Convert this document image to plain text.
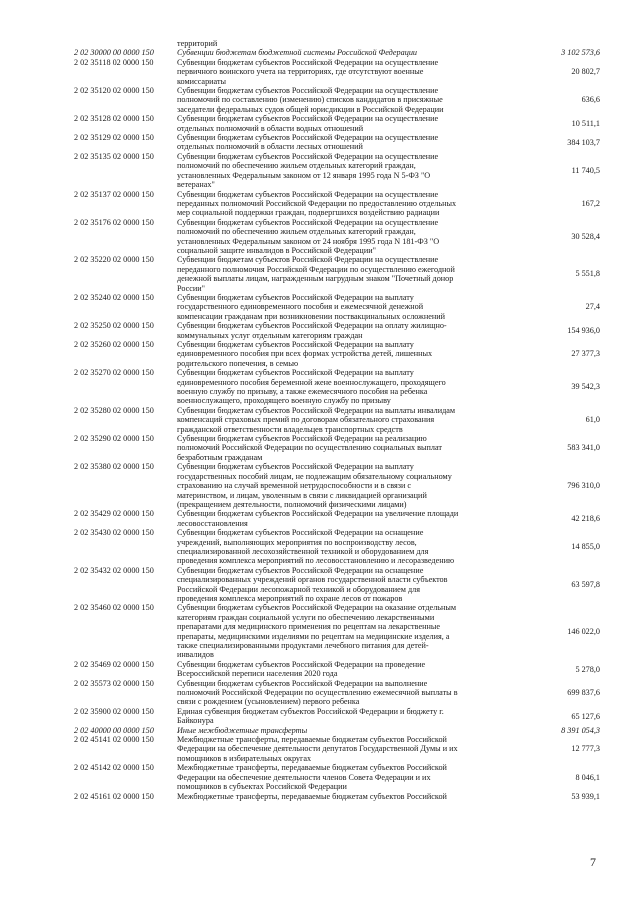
территорий
2 02 30000 00 0000 150	Субвенции бюджетам бюджетной системы Российской Федерации	3 102 573,6
2 02 35118 02 0000 150	Субвенции бюджетам субъектов Российской Федерации на осуществление
первичного воинского учета на территориях, где отсутствуют военные
комиссариаты
20 802,7
2 02 35120 02 0000 150	Субвенции бюджетам субъектов Российской Федерации на осуществление
полномочий по составлению (изменению) списков кандидатов в присяжные
заседатели федеральных судов общей юрисдикции в Российской Федерации
636,6
2 02 35128 02 0000 150	Субвенции бюджетам субъектов Российской Федерации на осуществление
отдельных полномочий в области водных отношений
10 511,1
2 02 35129 02 0000 150	Субвенции бюджетам субъектов Российской Федерации на осуществление
отдельных полномочий в области лесных отношений
384 103,7
2 02 35135 02 0000 150	Субвенции бюджетам субъектов Российской Федерации на осуществление
полномочий по обеспечению жильем отдельных категорий граждан,
установленных Федеральным законом от 12 января 1995 года N 5-ФЗ "О
ветеранах"
11 740,5
2 02 35137 02 0000 150	Субвенции бюджетам субъектов Российской Федерации на осуществление
переданных полномочий Российской Федерации по предоставлению отдельных
мер социальной поддержки граждан, подвергшихся воздействию радиации
167,2
2 02 35176 02 0000 150	Субвенции бюджетам субъектов Российской Федерации на осуществление
полномочий по обеспечению жильем отдельных категорий граждан,
установленных Федеральным законом от 24 ноября 1995 года N 181-ФЗ "О
социальной защите инвалидов в Российской Федерации"
30 528,4
2 02 35220 02 0000 150	Субвенции бюджетам субъектов Российской Федерации на осуществление
переданного полномочия Российской Федерации по осуществлению ежегодной
денежной выплаты лицам, награжденным нагрудным знаком "Почетный донор
России"
5 551,8
2 02 35240 02 0000 150	Субвенции бюджетам субъектов Российской Федерации на выплату
государственного единовременного пособия и ежемесячной денежной
компенсации гражданам при возникновении поствакцинальных осложнений
27,4
2 02 35250 02 0000 150	Субвенции бюджетам субъектов Российской Федерации на оплату жилищно-
коммунальных услуг отдельным категориям граждан
154 936,0
2 02 35260 02 0000 150	Субвенции бюджетам субъектов Российской Федерации на выплату
единовременного пособия при всех формах устройства детей, лишенных
родительского попечения, в семью
27 377,3
2 02 35270 02 0000 150	Субвенции бюджетам субъектов Российской Федерации на выплату
единовременного пособия беременной жене военнослужащего, проходящего
военную службу по призыву, а также ежемесячного пособия на ребенка
военнослужащего, проходящего военную службу по призыву
39 542,3
2 02 35280 02 0000 150	Субвенции бюджетам субъектов Российской Федерации на выплаты инвалидам
компенсаций страховых премий по договорам обязательного страхования
гражданской ответственности владельцев транспортных средств
61,0
2 02 35290 02 0000 150	Субвенции бюджетам субъектов Российской Федерации на реализацию
полномочий Российской Федерации по осуществлению социальных выплат
безработным гражданам
583 341,0
2 02 35380 02 0000 150	Субвенции бюджетам субъектов Российской Федерации на выплату
государственных пособий лицам, не подлежащим обязательному социальному
страхованию на случай временной нетрудоспособности и в связи с
материнством, и лицам, уволенным в связи с ликвидацией организаций
(прекращением деятельности, полномочий физическими лицами)
796 310,0
2 02 35429 02 0000 150	Субвенции бюджетам субъектов Российской Федерации на увеличение площади
лесовосстановления
42 218,6
2 02 35430 02 0000 150	Субвенции бюджетам субъектов Российской Федерации на оснащение
учреждений, выполняющих мероприятия по воспроизводству лесов,
специализированной лесохозяйственной техникой и оборудованием для
проведения комплекса мероприятий по лесовосстановлению и лесоразведению
14 855,0
2 02 35432 02 0000 150	Субвенции бюджетам субъектов Российской Федерации на оснащение
специализированных учреждений органов государственной власти субъектов
Российской Федерации лесопожарной техникой и оборудованием для
проведения комплекса мероприятий по охране лесов от пожаров
63 597,8
2 02 35460 02 0000 150	Субвенции бюджетам субъектов Российской Федерации на оказание отдельным
категориям граждан социальной услуги по обеспечению лекарственными
препаратами для медицинского применения по рецептам на лекарственные
препараты, медицинскими изделиями по рецептам на медицинские изделия, а
также специализированными продуктами лечебного питания для детей-
инвалидов
146 022,0
2 02 35469 02 0000 150	Субвенции бюджетам субъектов Российской Федерации на проведение
Всероссийской переписи населения 2020 года
5 278,0
2 02 35573 02 0000 150	Субвенции бюджетам субъектов Российской Федерации на выполнение
полномочий Российской Федерации по осуществлению ежемесячной выплаты в
связи с рождением (усыновлением) первого ребенка
699 837,6
2 02 35900 02 0000 150	Единая субвенция бюджетам субъектов Российской Федерации и бюджету г.
Байконура
65 127,6
2 02 40000 00 0000 150	Иные межбюджетные трансферты	8 391 054,3
2 02 45141 02 0000 150	Межбюджетные трансферты, передаваемые бюджетам субъектов Российской
Федерации на обеспечение деятельности депутатов Государственной Думы и их
помощников в избирательных округах
12 777,3
2 02 45142 02 0000 150	Межбюджетные трансферты, передаваемые бюджетам субъектов Российской
Федерации на обеспечение деятельности членов Совета Федерации и их
помощников в субъектах Российской Федерации
8 046,1
2 02 45161 02 0000 150	Межбюджетные трансферты, передаваемые бюджетам субъектов Российской	53 939,1
7
